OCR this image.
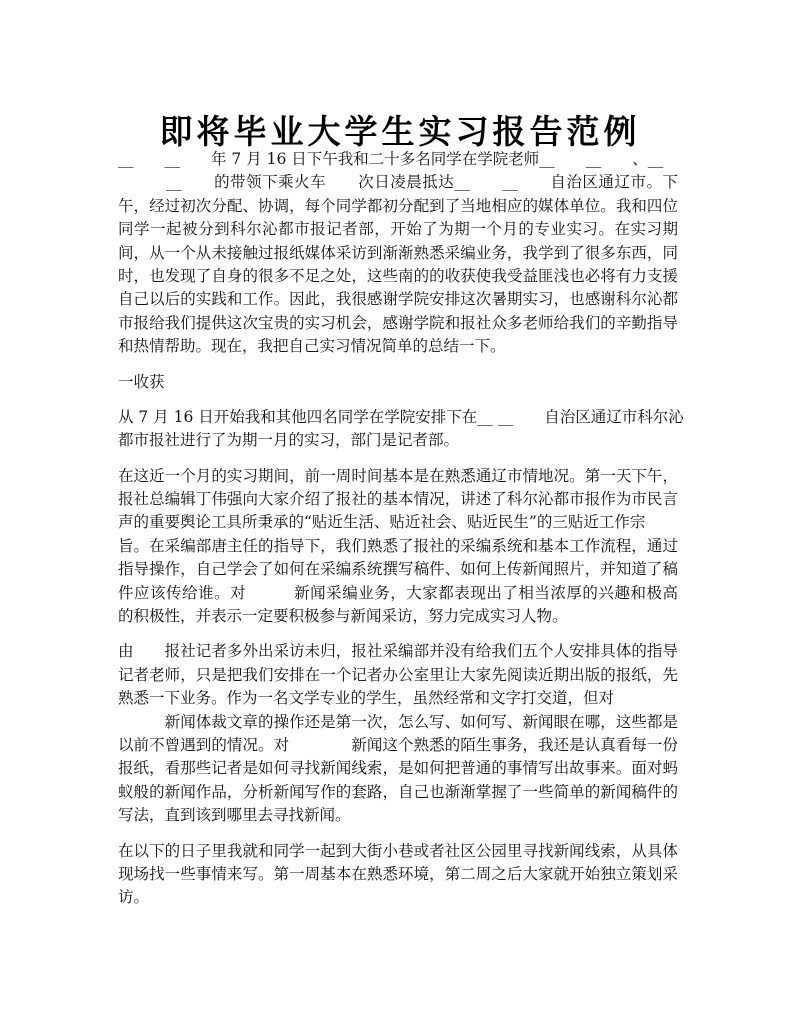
即将毕业大学生实习报告范例
__　　__　　年 7 月 16 日下午我和二十多名同学在学院老师__　　__　　、__
　　　__　　的带领下乘火车　　次日凌晨抵达__　　__　　自治区通辽市。下
午，经过初次分配、协调，每个同学都初分配到了当地相应的媒体单位。我和四位
同学一起被分到科尔沁都市报记者部，开始了为期一个月的专业实习。在实习期
间，从一个从未接触过报纸媒体采访到渐渐熟悉采编业务，我学到了很多东西，同
时，也发现了自身的很多不足之处，这些南的的收获使我受益匪浅也必将有力支援
自己以后的实践和工作。因此，我很感谢学院安排这次暑期实习，也感谢科尔沁都
市报给我们提供这次宝贵的实习机会，感谢学院和报社众多老师给我们的辛勤指导
和热情帮助。现在，我把自己实习情况简单的总结一下。
一收获
从 7 月 16 日开始我和其他四名同学在学院安排下在__ __　　自治区通辽市科尔沁
都市报社进行了为期一月的实习，部门是记者部。
在这近一个月的实习期间，前一周时间基本是在熟悉通辽市情地况。第一天下午，
报社总编辑丁伟强向大家介绍了报社的基本情况，讲述了科尔沁都市报作为市民言
声的重要舆论工具所秉承的“贴近生活、贴近社会、贴近民生”的三贴近工作宗
旨。在采编部唐主任的指导下，我们熟悉了报社的采编系统和基本工作流程，通过
指导操作，自己学会了如何在采编系统撰写稿件、如何上传新闻照片，并知道了稿
件应该传给谁。对　　　新闻采编业务，大家都表现出了相当浓厚的兴趣和极高
的积极性，并表示一定要积极参与新闻采访，努力完成实习人物。
由　　报社记者多外出采访未归，报社采编部并没有给我们五个人安排具体的指导
记者老师，只是把我们安排在一个记者办公室里让大家先阅读近期出版的报纸，先
熟悉一下业务。作为一名文学专业的学生，虽然经常和文字打交道，但对
　　　新闻体裁文章的操作还是第一次，怎么写、如何写、新闻眼在哪，这些都是
以前不曾遇到的情况。对　　　　新闻这个熟悉的陌生事务，我还是认真看每一份
报纸，看那些记者是如何寻找新闻线索，是如何把普通的事情写出故事来。面对蚂
蚁般的新闻作品，分析新闻写作的套路，自己也渐渐掌握了一些简单的新闻稿件的
写法，直到该到哪里去寻找新闻。
在以下的日子里我就和同学一起到大街小巷或者社区公园里寻找新闻线索，从具体
现场找一些事情来写。第一周基本在熟悉环境，第二周之后大家就开始独立策划采
访。
